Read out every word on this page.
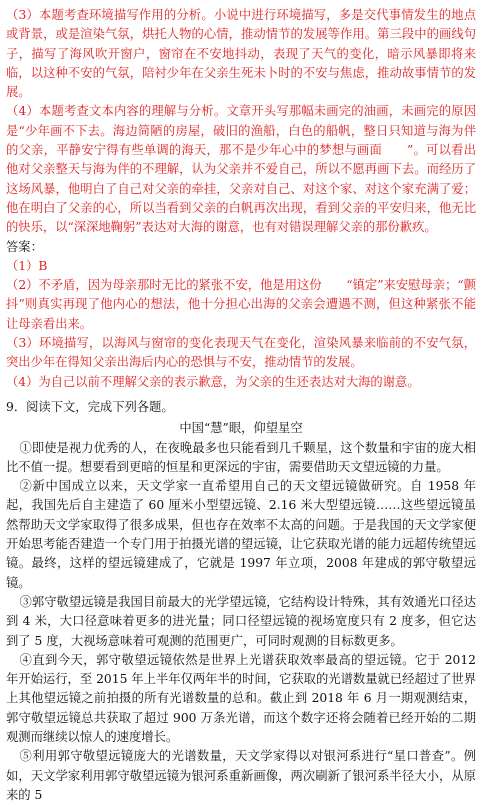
（3）本题考查环境描写作用的分析。小说中进行环境描写，多是交代事情发生的地点或背景，或是渲染气氛，烘托人物的心情，推动情节的发展等作用。第三段中的画线句子，描写了海风吹开窗户，窗帘在不安地抖动，表现了天气的变化，暗示风暴即将来临，以这种不安的气氛，陪衬少年在父亲生死未卜时的不安与焦虑，推动故事情节的发展。

（4）本题考查文本内容的理解与分析。文章开头写那幅未画完的油画，未画完的原因是“少年画不下去。海边简陋的房屋，破旧的渔船，白色的船帆，整日只知道与海为伴的父亲，平静安宁得有些单调的海天，那不是少年心中的梦想与画面　　”。可以看出他对父亲整天与海为伴的不理解，认为父亲并不爱自己，所以不愿再画下去。而经历了这场风暴，他明白了自己对父亲的牵挂，父亲对自己、对这个家、对这个家充满了爱；他在明白了父亲的心，所以当看到父亲的白帆再次出现，看到父亲的平安归来，他无比的快乐，以“深深地鞠躬”表达对大海的谢意，也有对错误理解父亲的那份歉疚。

答案：

（1）B

（2）不矛盾，因为母亲那时无比的紧张不安，他是用这份　　“镇定”来安慰母亲；“颤抖”则真实再现了他内心的想法，他十分担心出海的父亲会遭遇不测，但这种紧张不能让母亲看出来。

（3）环境描写，以海风与窗帘的变化表现天气在变化，渲染风暴来临前的不安气氛，突出少年在得知父亲出海后内心的恐惧与不安，推动情节的发展。

（4）为自己以前不理解父亲的表示歉意，为父亲的生还表达对大海的谢意。

9．阅读下文，完成下列各题。

中国“慧”眼，仰望星空

①即使是视力优秀的人，在夜晚最多也只能看到几千颗星，这个数量和宇宙的庞大相比不值一提。想要看到更暗的恒星和更深远的宇宙，需要借助天文望远镜的力量。

②新中国成立以来，天文学家一直希望用自己的天文望远镜做研究。自 1958 年起，我国先后自主建造了 60 厘米小型望远镜、2.16 米大型望远镜……这些望远镜虽然帮助天文学家取得了很多成果，但也存在效率不太高的问题。于是我国的天文学家便开始思考能否建造一个专门用于拍摄光谱的望远镜，让它获取光谱的能力远超传统望远镜。最终，这样的望远镜建成了，它就是 1997 年立项，2008 年建成的郭守敬望远镜。

③郭守敬望远镜是我国目前最大的光学望远镜，它结构设计特殊，其有效通光口径达到 4 米，大口径意味着更多的进光量；同口径望远镜的视场宽度只有 2 度多，但它达到了 5 度，大视场意味着可观测的范围更广，可同时观测的目标数更多。

④直到今天，郭守敬望远镜依然是世界上光谱获取效率最高的望远镜。它于 2012 年开始运行，至 2015 年上半年仅两年半的时间，它获取的光谱数量就已经超过了世界上其他望远镜之前拍摄的所有光谱数量的总和。截止到 2018 年 6 月一期观测结束，郭守敬望远镜总共获取了超过 900 万条光谱，而这个数字还将会随着已经开始的二期观测而继续以惊人的速度增长。

⑤利用郭守敬望远镜庞大的光谱数量，天文学家得以对银河系进行“星口普查”。例如，天文学家利用郭守敬望远镜为银河系重新画像，两次刷新了银河系半径大小，从原来的 5
